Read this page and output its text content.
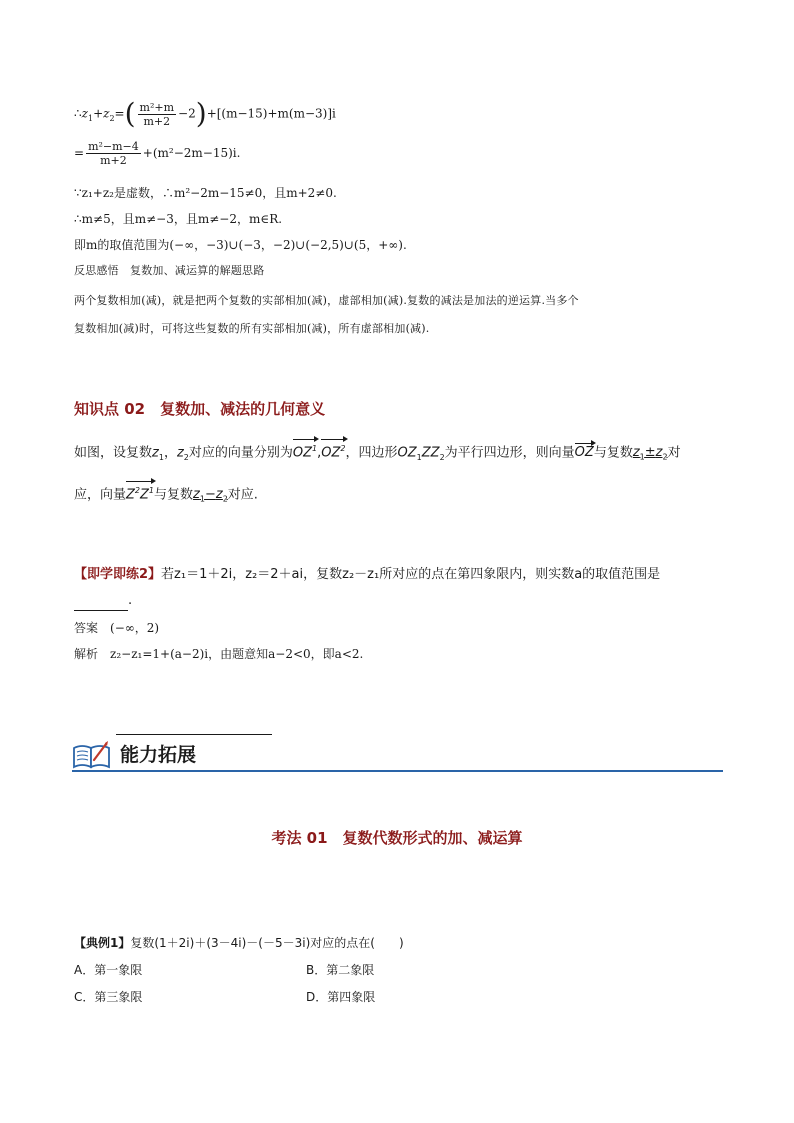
$\therefore z_1+z_2=( \frac{\text{m²+m}}{m+2} -2)+[(m-15)+m(m-3)]i$
= $\frac{\text{m²−m−4}}{m+2} +(m^2-2m-15)i$.
∵z₁+z₂是虚数，∴m²−2m−15≠0，且m+2≠0.
∴m≠5，且m≠−3，且m≠−2，m∈R.
即m的取值范围为(−∞，−3)∪(−3，−2)∪(−2,5)∪(5，+∞).
反思感悟　复数加、减运算的解题思路
两个复数相加(减)，就是把两个复数的实部相加(减)，虚部相加(减).复数的减法是加法的逆运算.当多个
复数相加(减)时，可将这些复数的所有实部相加(减)，所有虚部相加(减).
知识点 02　复数加、减法的几何意义
如图，设复数$z_1$，$z_2$对应的向量分别为$OZ^1,OZ^2$，四边形$OZ_1ZZ_2$为平行四边形，则向量OZ与复数$z_1\pm z_2$对
应，向量$Z^2Z^1$与复数$z_1-z_2$对应.
【即学即练2】若z₁＝1＋2i，z₂＝2＋ai，复数z₂－z₁所对应的点在第四象限内，则实数a的取值范围是
.
答案　 (−∞，2)
解析　 z₂−z₁=1+(a−2)i，由题意知a−2<0，即a<2.
能力拓展
考法 01　复数代数形式的加、减运算
【典例1】复数(1＋2i)＋(3－4i)－(－5－3i)对应的点在(　　)
A．第一象限	B．第二象限
C．第三象限	D．第四象限
